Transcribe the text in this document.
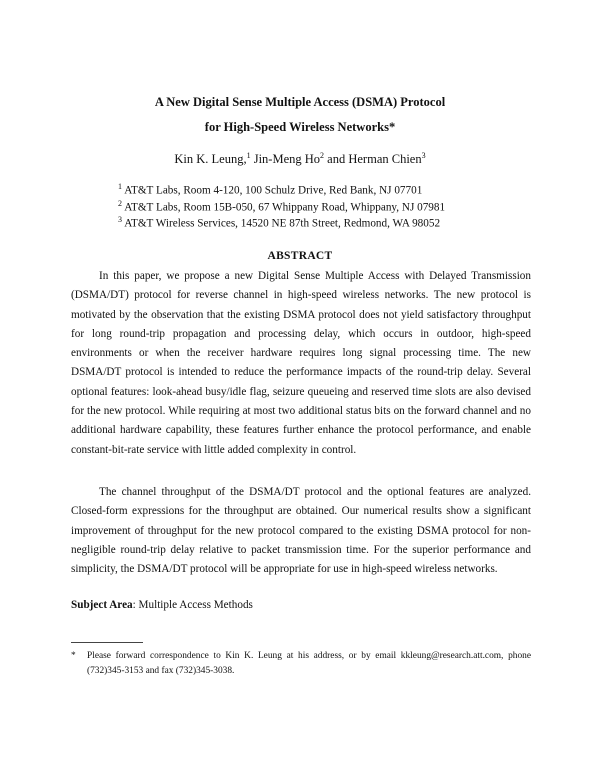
A New Digital Sense Multiple Access (DSMA) Protocol
for High-Speed Wireless Networks*
Kin K. Leung,$^1$ Jin-Meng Ho$^2$ and Herman Chien$^3$
$^1$ AT&T Labs, Room 4-120, 100 Schulz Drive, Red Bank, NJ 07701
$^2$ AT&T Labs, Room 15B-050, 67 Whippany Road, Whippany, NJ 07981
$^3$ AT&T Wireless Services, 14520 NE 87th Street, Redmond, WA 98052
ABSTRACT

In this paper, we propose a new Digital Sense Multiple Access with Delayed Transmission (DSMA/DT) protocol for reverse channel in high-speed wireless networks. The new protocol is motivated by the observation that the existing DSMA protocol does not yield satisfactory throughput for long round-trip propagation and processing delay, which occurs in outdoor, high-speed environments or when the receiver hardware requires long signal processing time. The new DSMA/DT protocol is intended to reduce the performance impacts of the round-trip delay. Several optional features: look-ahead busy/idle flag, seizure queueing and reserved time slots are also devised for the new protocol. While requiring at most two additional status bits on the forward channel and no additional hardware capability, these features further enhance the protocol performance, and enable constant-bit-rate service with little added complexity in control.

The channel throughput of the DSMA/DT protocol and the optional features are analyzed. Closed-form expressions for the throughput are obtained. Our numerical results show a significant improvement of throughput for the new protocol compared to the existing DSMA protocol for non-negligible round-trip delay relative to packet transmission time. For the superior performance and simplicity, the DSMA/DT protocol will be appropriate for use in high-speed wireless networks.

Subject Area: Multiple Access Methods
* Please forward correspondence to Kin K. Leung at his address, or by email kkleung@research.att.com, phone (732)345-3153 and fax (732)345-3038.
